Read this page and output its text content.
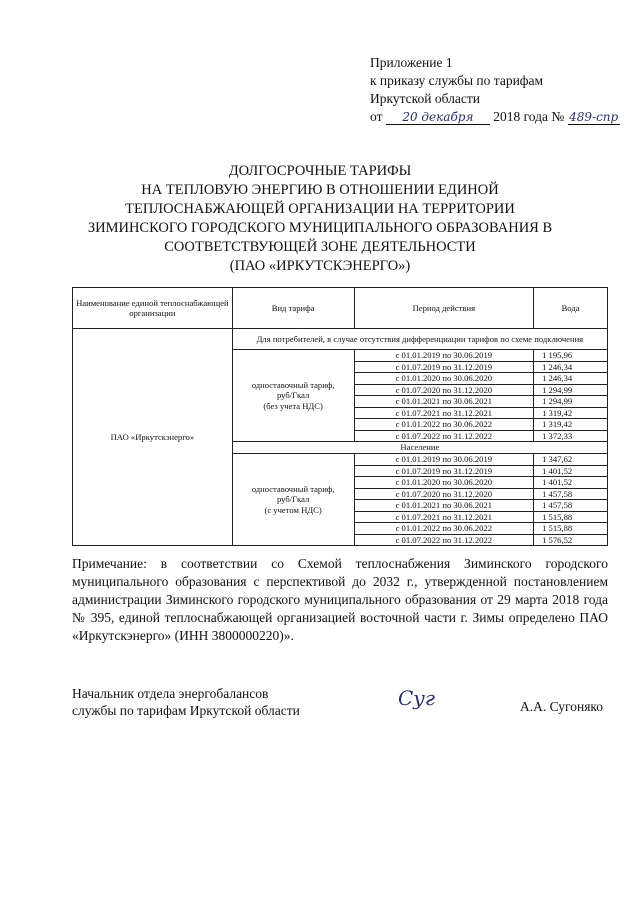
Приложение 1
к приказу службы по тарифам
Иркутской области
от 20 декабря 2018 года № 489-спр
ДОЛГОСРОЧНЫЕ ТАРИФЫ
НА ТЕПЛОВУЮ ЭНЕРГИЮ В ОТНОШЕНИИ ЕДИНОЙ
ТЕПЛОСНАБЖАЮЩЕЙ ОРГАНИЗАЦИИ НА ТЕРРИТОРИИ
ЗИМИНСКОГО ГОРОДСКОГО МУНИЦИПАЛЬНОГО ОБРАЗОВАНИЯ В
СООТВЕТСТВУЮЩЕЙ ЗОНЕ ДЕЯТЕЛЬНОСТИ
(ПАО «ИРКУТСКЭНЕРГО»)
Наименование единой теплоснабжающей организации	Вид тарифа	Период действия	Вода
ПАО «Иркутскэнерго»	Для потребителей, в случае отсутствия дифференциации тарифов по схеме подключения		

	одноставочный тариф,
руб/Гкал
(без учета НДС)	с 01.01.2019 по 30.06.2019	1 195,96
		с 01.07.2019 по 31.12.2019	1 246,34
		с 01.01.2020 по 30.06.2020	1 246,34
		с 01.07.2020 по 31.12.2020	1 294,99
		с 01.01.2021 по 30.06.2021	1 294,99
		с 01.07.2021 по 31.12.2021	1 319,42
		с 01.01.2022 по 30.06.2022	1 319,42
		с 01.07.2022 по 31.12.2022	1 372,33
	Население		

	одноставочный тариф,
руб/Гкал
(с учетом НДС)	с 01.01.2019 по 30.06.2019	1 347,62
		с 01.07.2019 по 31.12.2019	1 401,52
		с 01.01.2020 по 30.06.2020	1 401,52
		с 01.07.2020 по 31.12.2020	1 457,58
		с 01.01.2021 по 30.06.2021	1 457,58
		с 01.07.2021 по 31.12.2021	1 515,88
		с 01.01.2022 по 30.06.2022	1 515,88
		с 01.07.2022 по 31.12.2022	1 576,52
Примечание: в соответствии со Схемой теплоснабжения Зиминского городского муниципального образования с перспективой до 2032 г., утвержденной постановлением администрации Зиминского городского муниципального образования от 29 марта 2018 года № 395, единой теплоснабжающей организацией восточной части г. Зимы определено ПАО «Иркутскэнерго» (ИНН 3800000220)».
Начальник отдела энергобалансов
службы по тарифам Иркутской области
Суг	А.А. Сугоняко
